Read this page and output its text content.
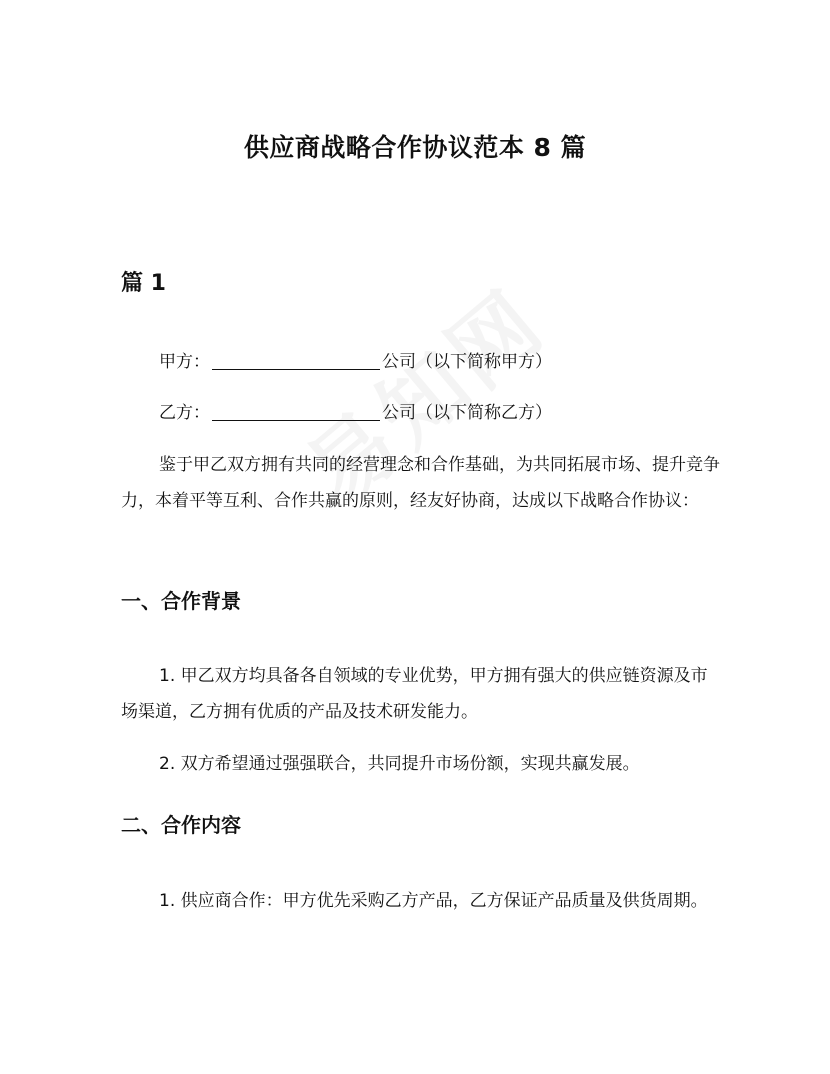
供应商战略合作协议范本 8 篇
篇 1
甲方：	公司（以下简称甲方）
乙方：	公司（以下简称乙方）
鉴于甲乙双方拥有共同的经营理念和合作基础，为共同拓展市场、提升竞争力，本着平等互利、合作共赢的原则，经友好协商，达成以下战略合作协议：
一、合作背景
1. 甲乙双方均具备各自领域的专业优势，甲方拥有强大的供应链资源及市场渠道，乙方拥有优质的产品及技术研发能力。
2. 双方希望通过强强联合，共同提升市场份额，实现共赢发展。
二、合作内容
1. 供应商合作：甲方优先采购乙方产品，乙方保证产品质量及供货周期。
